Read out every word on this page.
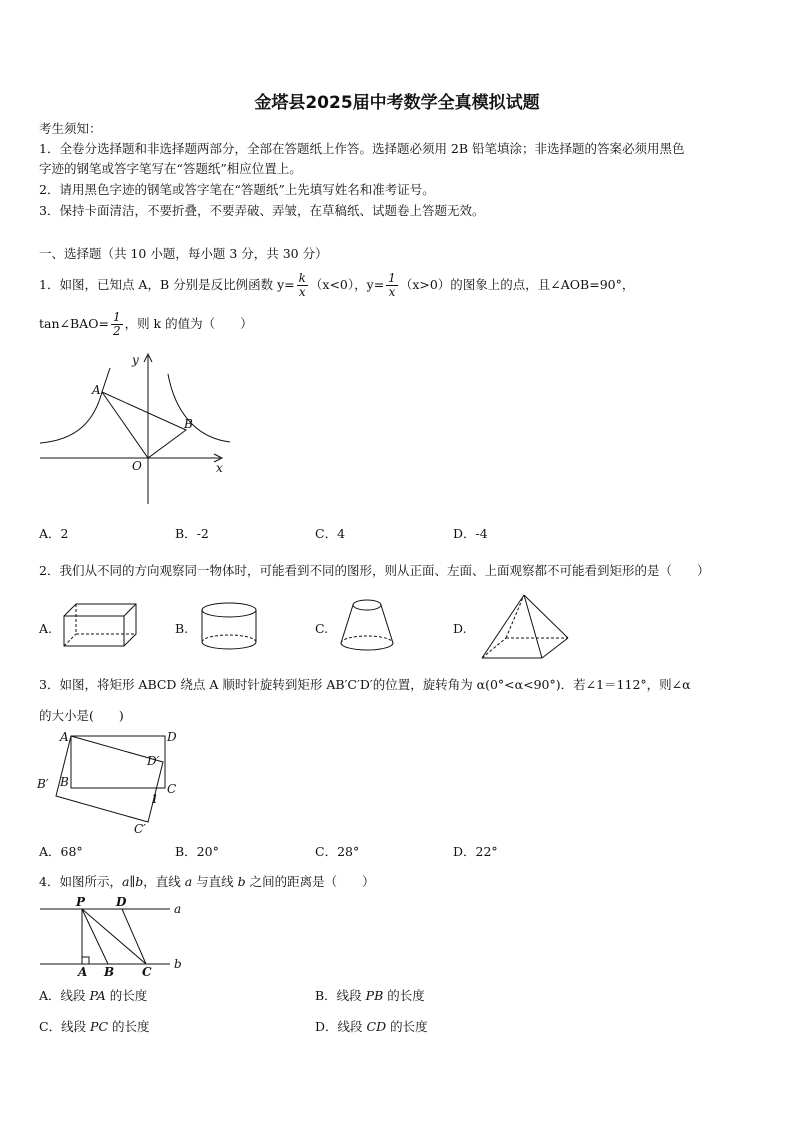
金塔县2025届中考数学全真模拟试题
考生须知：
1．全卷分选择题和非选择题两部分，全部在答题纸上作答。选择题必须用 2B 铅笔填涂；非选择题的答案必须用黑色
字迹的钢笔或答字笔写在“答题纸”相应位置上。
2．请用黑色字迹的钢笔或答字笔在“答题纸”上先填写姓名和准考证号。
3．保持卡面清洁，不要折叠，不要弄破、弄皱，在草稿纸、试题卷上答题无效。
一、选择题（共 10 小题，每小题 3 分，共 30 分）
1．如图，已知点 A，B 分别是反比例函数 $y= \frac{k}{x} (x<0)$，$y= \frac{1}{x} (x>0)$的图象上的点，且∠AOB=90°，
tan∠BAO= $\frac{1}{2}$ ，则 k 的值为（　　）
y
x
A
B
O
A．2	B．-2	C．4	D．-4
2．我们从不同的方向观察同一物体时，可能看到不同的图形，则从正面、左面、上面观察都不可能看到矩形的是（　　）
A.	B.	C.	D.
3．如图，将矩形 ABCD 绕点 A 顺时针旋转到矩形 AB′C′D′的位置，旋转角为 α(0°<α<90°)．若∠1＝112°，则∠α
的大小是(　　)
A	D
D′
B′ B	C
1
C′
A．68°	B．20°	C．28°	D．22°
4．如图所示，a∥b，直线 a 与直线 b 之间的距离是（　　）
P	D	a
b
A B C
A．线段 PA 的长度	B．线段 PB 的长度
C．线段 PC 的长度	D．线段 CD 的长度
